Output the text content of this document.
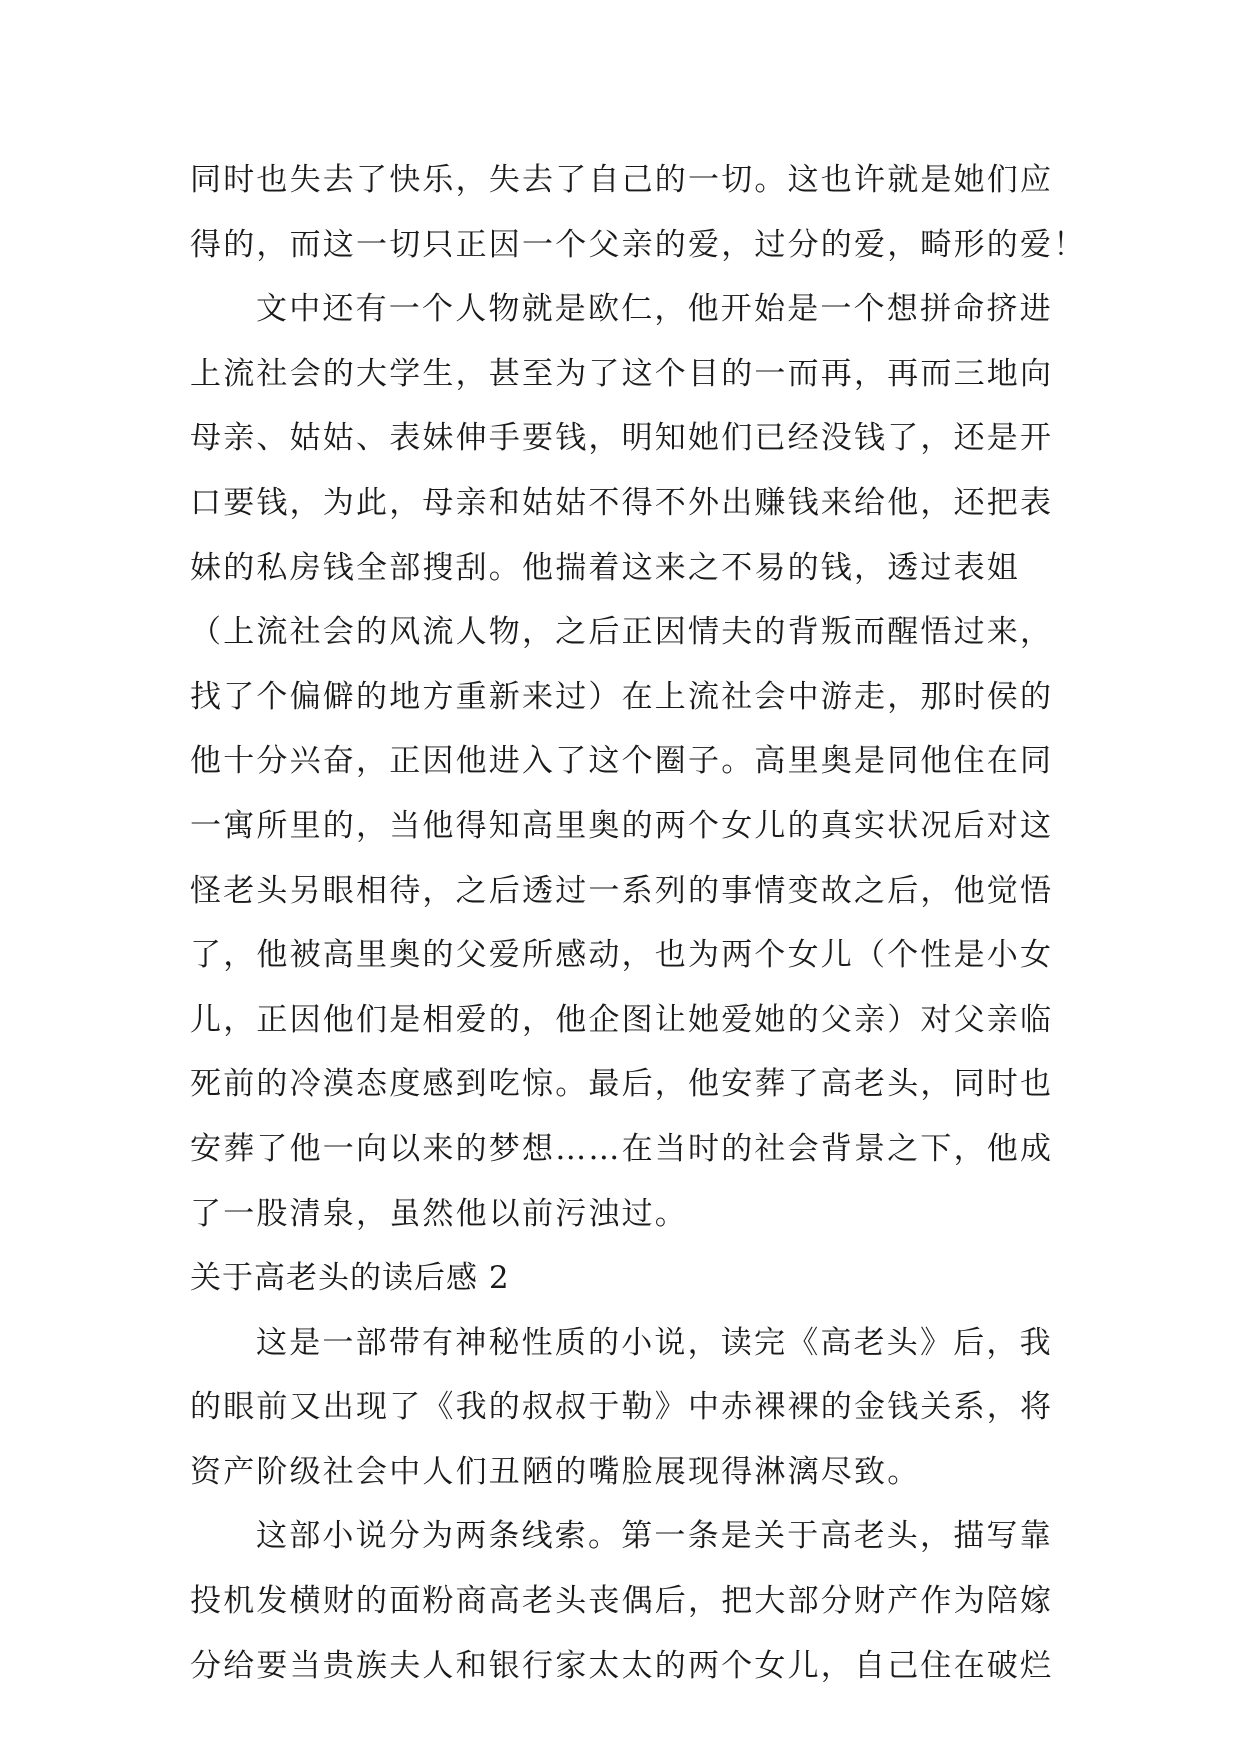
同时也失去了快乐，失去了自己的一切。这也许就是她们应
得的，而这一切只正因一个父亲的爱，过分的爱，畸形的爱！
文中还有一个人物就是欧仁，他开始是一个想拼命挤进
上流社会的大学生，甚至为了这个目的一而再，再而三地向
母亲、姑姑、表妹伸手要钱，明知她们已经没钱了，还是开
口要钱，为此，母亲和姑姑不得不外出赚钱来给他，还把表
妹的私房钱全部搜刮。他揣着这来之不易的钱，透过表姐
（上流社会的风流人物，之后正因情夫的背叛而醒悟过来，
找了个偏僻的地方重新来过）在上流社会中游走，那时侯的
他十分兴奋，正因他进入了这个圈子。高里奥是同他住在同
一寓所里的，当他得知高里奥的两个女儿的真实状况后对这
怪老头另眼相待，之后透过一系列的事情变故之后，他觉悟
了，他被高里奥的父爱所感动，也为两个女儿（个性是小女
儿，正因他们是相爱的，他企图让她爱她的父亲）对父亲临
死前的冷漠态度感到吃惊。最后，他安葬了高老头，同时也
安葬了他一向以来的梦想……在当时的社会背景之下，他成
了一股清泉，虽然他以前污浊过。
关于高老头的读后感 2
这是一部带有神秘性质的小说，读完《高老头》后，我
的眼前又出现了《我的叔叔于勒》中赤裸裸的金钱关系，将
资产阶级社会中人们丑陋的嘴脸展现得淋漓尽致。
这部小说分为两条线索。第一条是关于高老头，描写靠
投机发横财的面粉商高老头丧偶后，把大部分财产作为陪嫁
分给要当贵族夫人和银行家太太的两个女儿，自己住在破烂
